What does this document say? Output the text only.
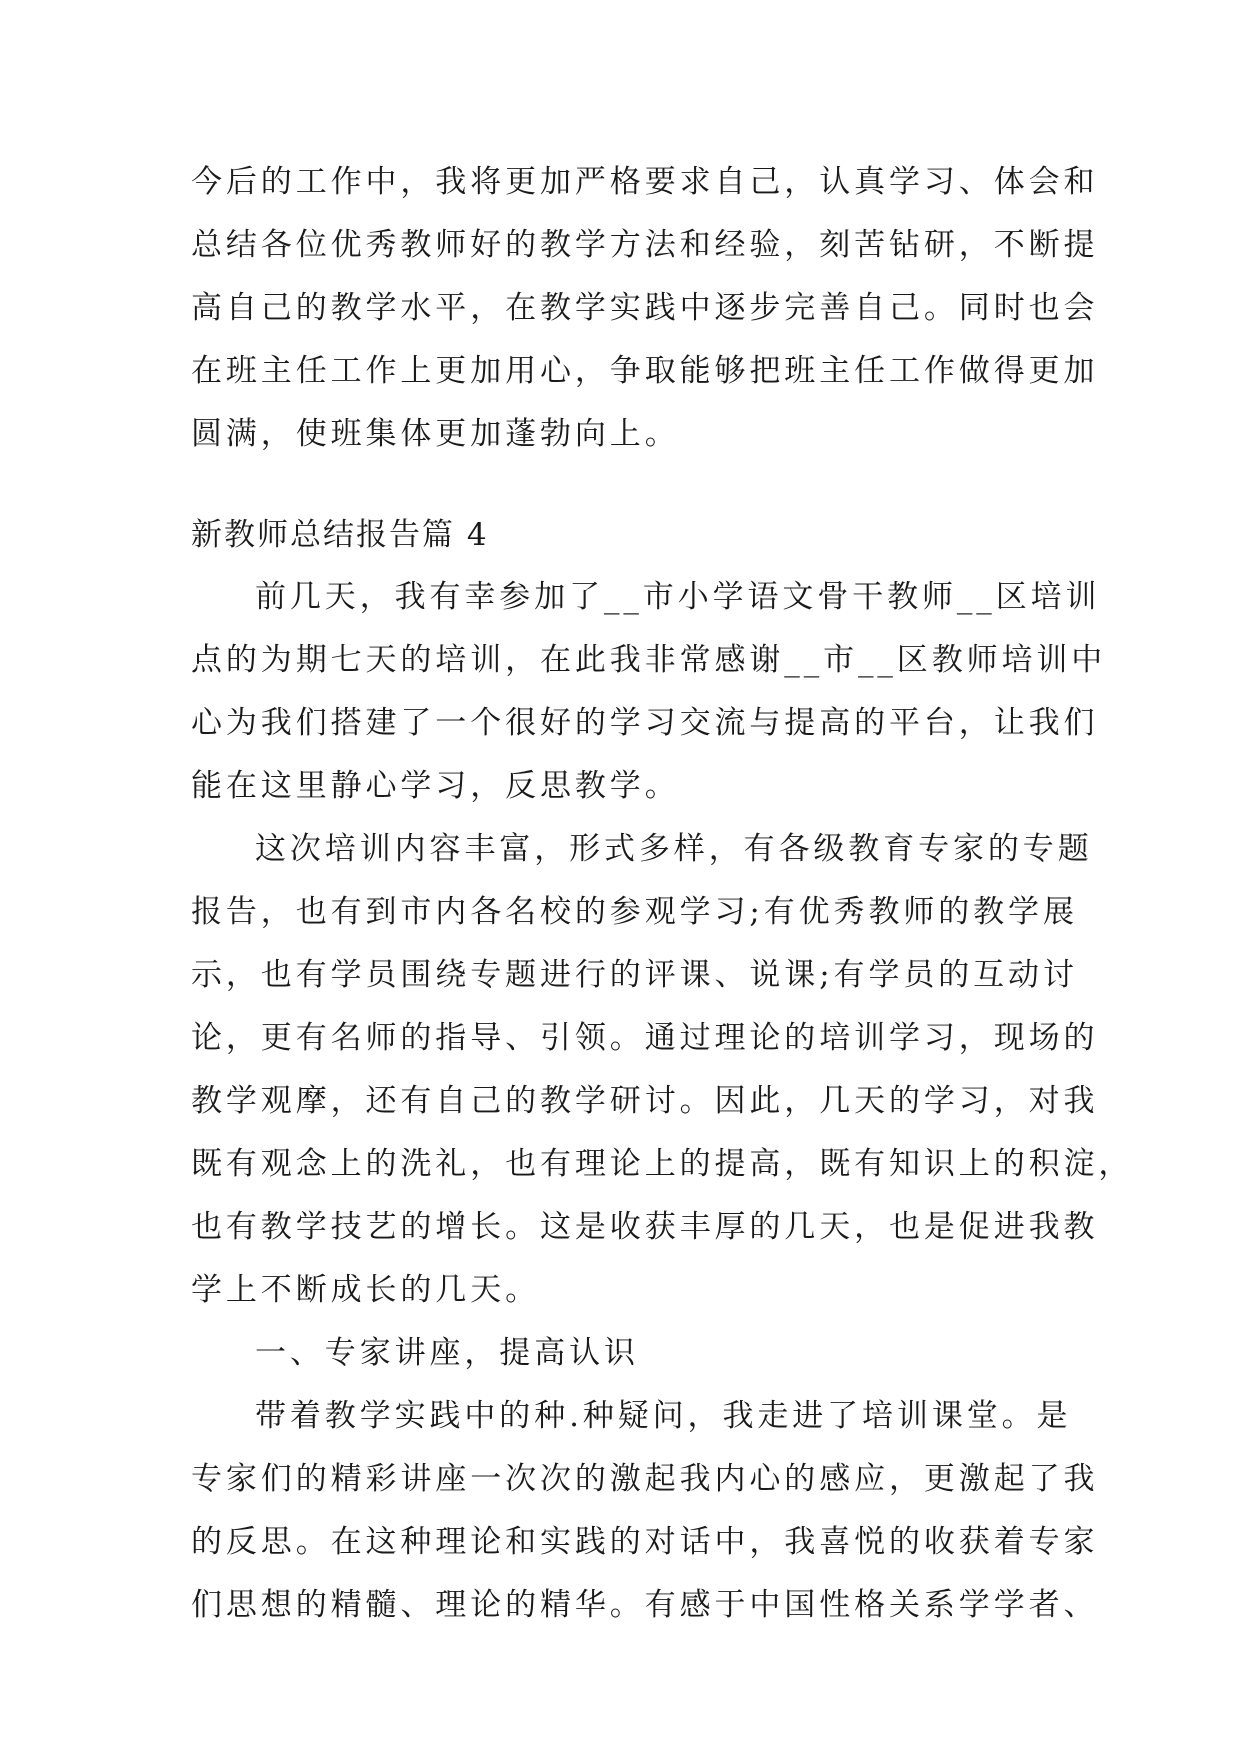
今后的工作中，我将更加严格要求自己，认真学习、体会和

总结各位优秀教师好的教学方法和经验，刻苦钻研，不断提

高自己的教学水平，在教学实践中逐步完善自己。同时也会

在班主任工作上更加用心，争取能够把班主任工作做得更加

圆满，使班集体更加蓬勃向上。

新教师总结报告篇 4

前几天，我有幸参加了__市小学语文骨干教师__区培训

点的为期七天的培训，在此我非常感谢__市__区教师培训中

心为我们搭建了一个很好的学习交流与提高的平台，让我们

能在这里静心学习，反思教学。

这次培训内容丰富，形式多样，有各级教育专家的专题

报告，也有到市内各名校的参观学习;有优秀教师的教学展

示，也有学员围绕专题进行的评课、说课;有学员的互动讨

论，更有名师的指导、引领。通过理论的培训学习，现场的

教学观摩，还有自己的教学研讨。因此，几天的学习，对我

既有观念上的洗礼，也有理论上的提高，既有知识上的积淀，

也有教学技艺的增长。这是收获丰厚的几天，也是促进我教

学上不断成长的几天。

一、专家讲座，提高认识

带着教学实践中的种.种疑问，我走进了培训课堂。是

专家们的精彩讲座一次次的激起我内心的感应，更激起了我

的反思。在这种理论和实践的对话中，我喜悦的收获着专家

们思想的精髓、理论的精华。有感于中国性格关系学学者、
